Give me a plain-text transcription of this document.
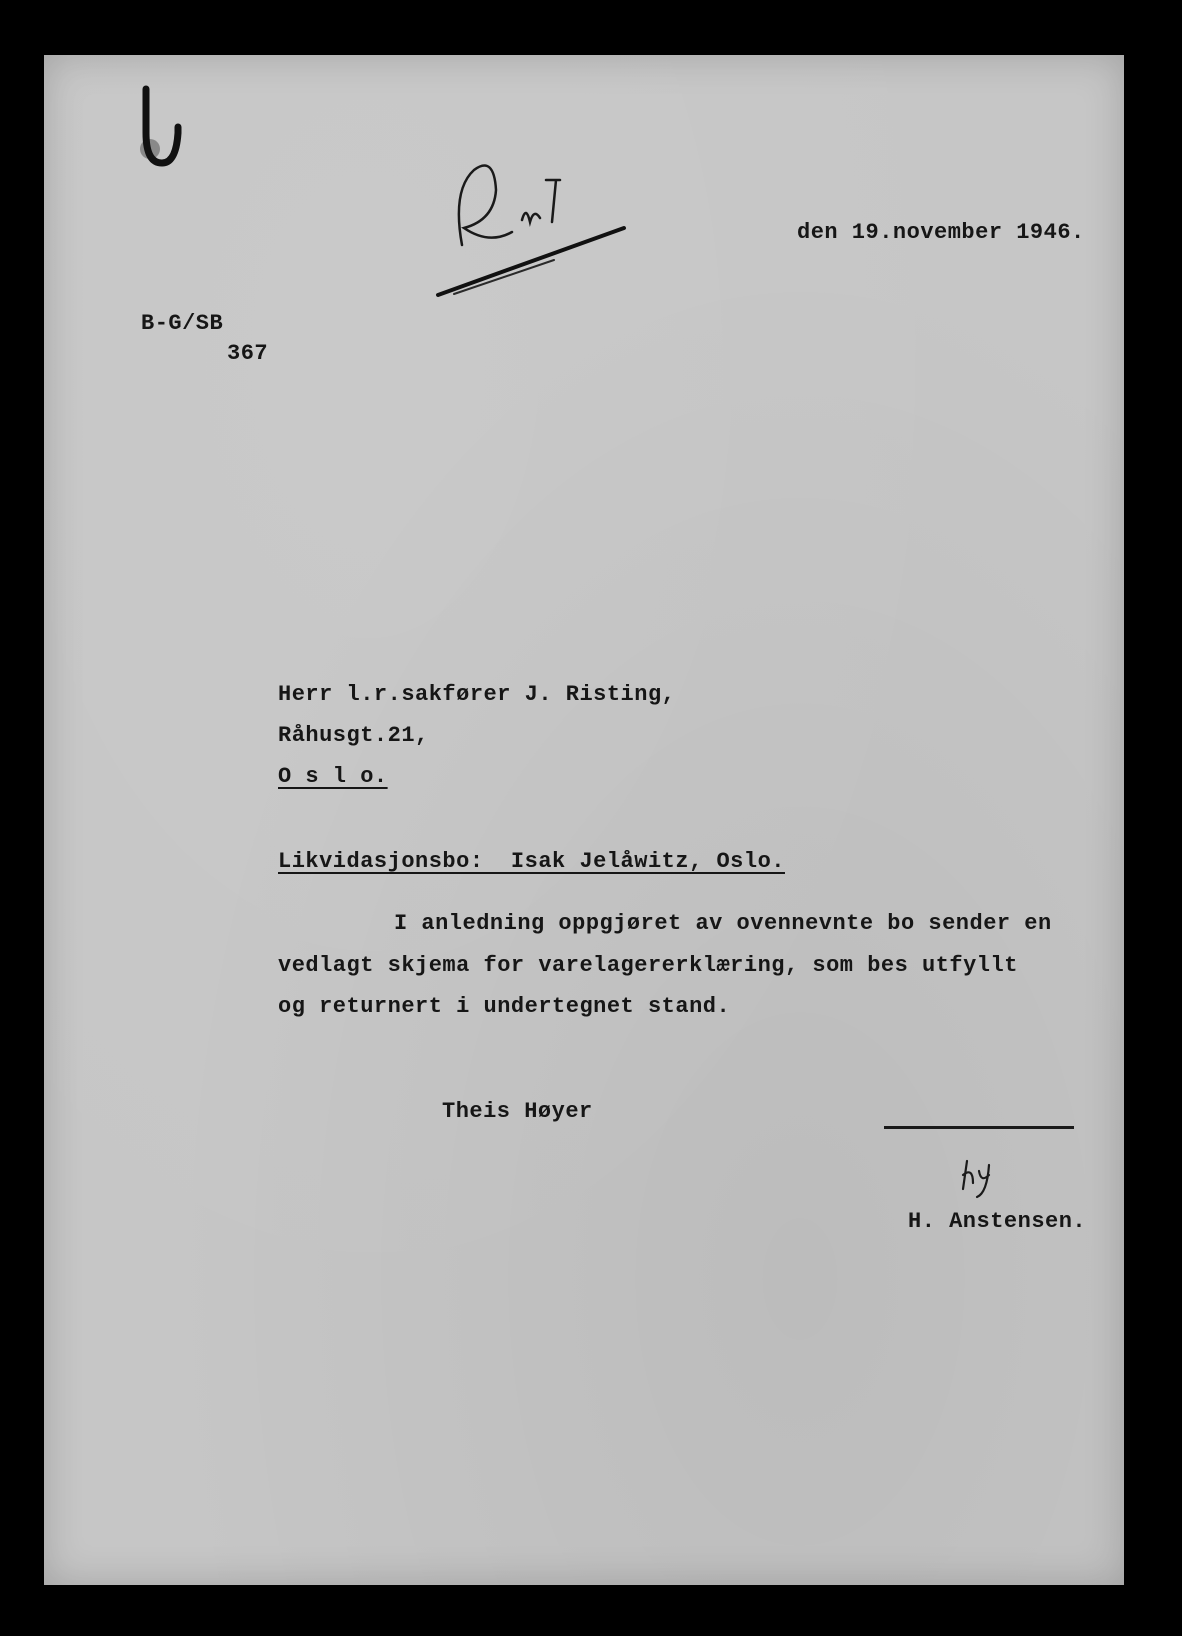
den 19.november 1946.
B-G/SB
367
Herr l.r.sakfører J. Risting,
Råhusgt.21,
O s l o.
Likvidasjonsbo:  Isak Jelåwitz, Oslo.
I anledning oppgjøret av ovennevnte bo sender en
vedlagt skjema for varelagererklæring, som bes utfyllt
og returnert i undertegnet stand.
Theis Høyer
H. Anstensen.
